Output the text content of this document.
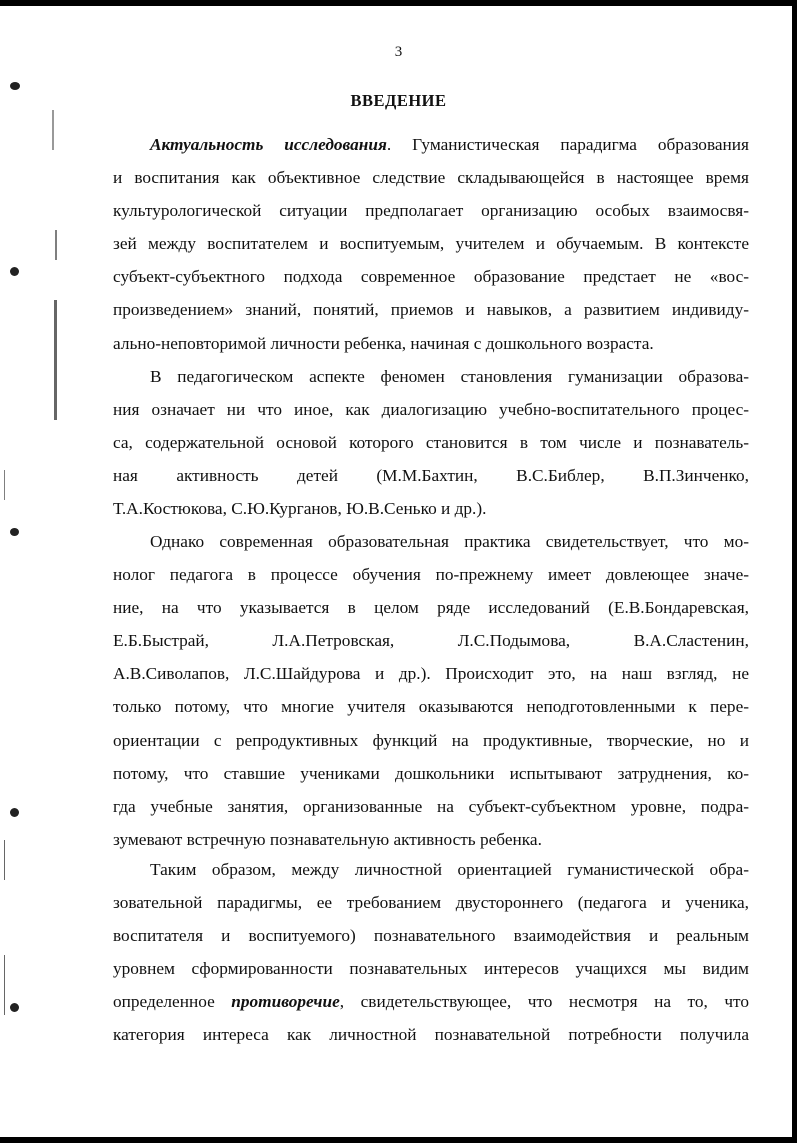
3
ВВЕДЕНИЕ
Актуальность исследования. Гуманистическая парадигма образования
и воспитания как объективное следствие складывающейся в настоящее время
культурологической ситуации предполагает организацию особых взаимосвя-
зей между воспитателем и воспитуемым, учителем и обучаемым. В контексте
субъект-субъектного подхода современное образование предстает не «вос-
произведением» знаний, понятий, приемов и навыков, а развитием индивиду-
ально-неповторимой личности ребенка, начиная с дошкольного возраста.
В педагогическом аспекте феномен становления гуманизации образова-
ния означает ни что иное, как диалогизацию учебно-воспитательного процес-
са, содержательной основой которого становится в том числе и познаватель-
ная активность детей (М.М.Бахтин, В.С.Библер, В.П.Зинченко,
Т.А.Костюкова, С.Ю.Курганов, Ю.В.Сенько и др.).
Однако современная образовательная практика свидетельствует, что мо-
нолог педагога в процессе обучения по-прежнему имеет довлеющее значе-
ние, на что указывается в целом ряде исследований (Е.В.Бондаревская,
Е.Б.Быстрай, Л.А.Петровская, Л.С.Подымова, В.А.Сластенин,
А.В.Сиволапов, Л.С.Шайдурова и др.). Происходит это, на наш взгляд, не
только потому, что многие учителя оказываются неподготовленными к пере-
ориентации с репродуктивных функций на продуктивные, творческие, но и
потому, что ставшие учениками дошкольники испытывают затруднения, ко-
гда учебные занятия, организованные на субъект-субъектном уровне, подра-
зумевают встречную познавательную активность ребенка.
Таким образом, между личностной ориентацией гуманистической обра-
зовательной парадигмы, ее требованием двустороннего (педагога и ученика,
воспитателя и воспитуемого) познавательного взаимодействия и реальным
уровнем сформированности познавательных интересов учащихся мы видим
определенное противоречие, свидетельствующее, что несмотря на то, что
категория интереса как личностной познавательной потребности получила
